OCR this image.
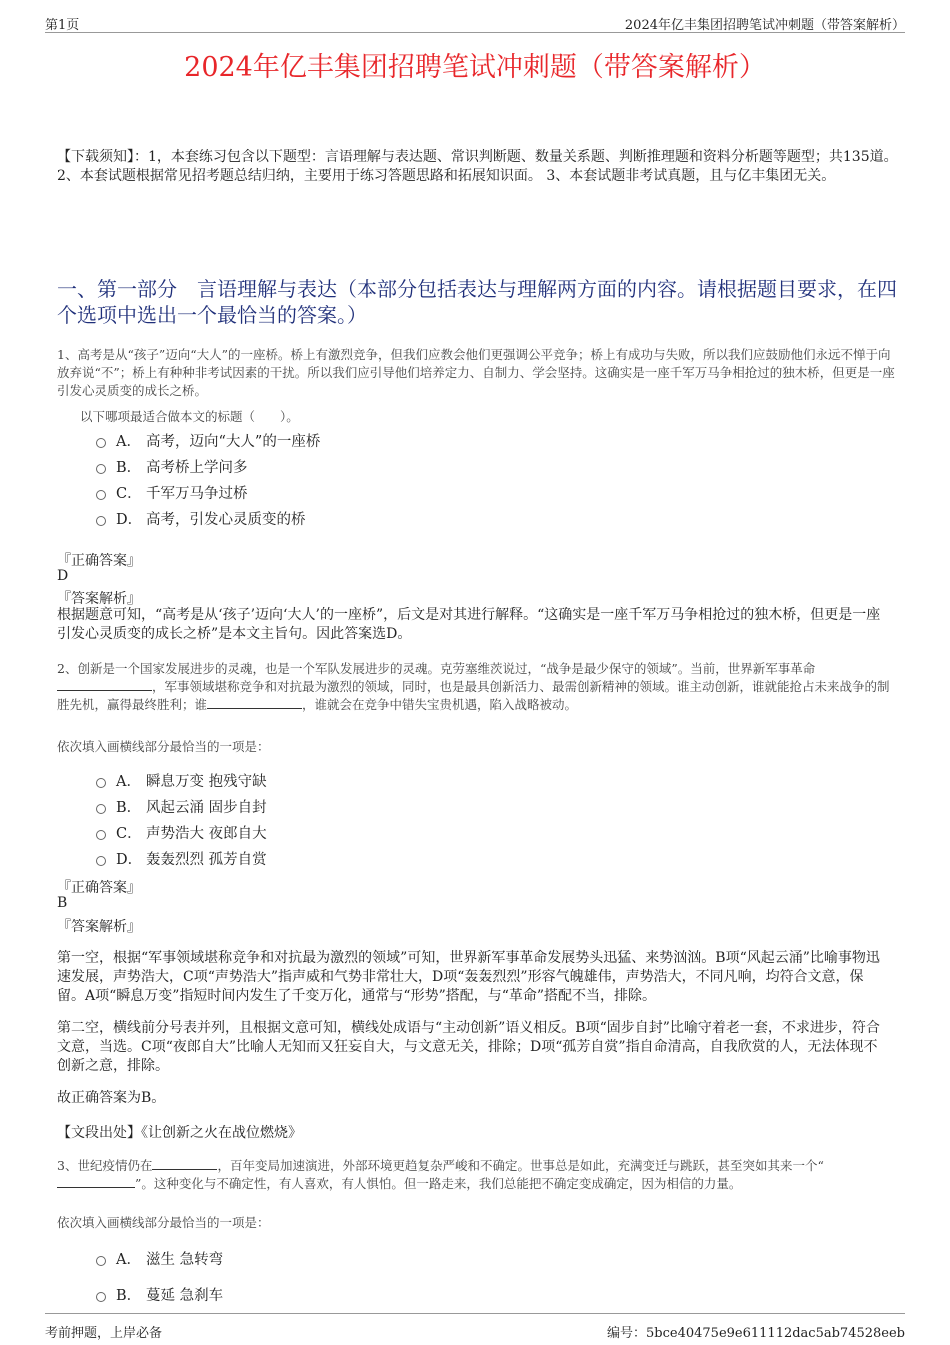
第1页	2024年亿丰集团招聘笔试冲刺题（带答案解析）
2024年亿丰集团招聘笔试冲刺题（带答案解析）
【下载须知】：1，本套练习包含以下题型：言语理解与表达题、常识判断题、数量关系题、判断推理题和资料分析题等题型；共135道。 2、本套试题根据常见招考题总结归纳，主要用于练习答题思路和拓展知识面。 3、本套试题非考试真题，且与亿丰集团无关。
一、第一部分　言语理解与表达（本部分包括表达与理解两方面的内容。请根据题目要求，在四个选项中选出一个最恰当的答案。）
1、高考是从“孩子”迈向“大人”的一座桥。桥上有激烈竞争，但我们应教会他们更强调公平竞争；桥上有成功与失败，所以我们应鼓励他们永远不惮于向放弃说“不”；桥上有种种非考试因素的干扰。所以我们应引导他们培养定力、自制力、学会坚持。这确实是一座千军万马争相抢过的独木桥，但更是一座引发心灵质变的成长之桥。
以下哪项最适合做本文的标题（　　）。
A． 高考，迈向“大人”的一座桥
B． 高考桥上学问多
C． 千军万马争过桥
D． 高考，引发心灵质变的桥
『正确答案』
D
『答案解析』
根据题意可知，“高考是从‘孩子’迈向‘大人’的一座桥”，后文是对其进行解释。“这确实是一座千军万马争相抢过的独木桥，但更是一座引发心灵质变的成长之桥”是本文主旨句。因此答案选D。
2、创新是一个国家发展进步的灵魂，也是一个军队发展进步的灵魂。克劳塞维茨说过，“战争是最少保守的领域”。当前，世界新军事革命
，军事领域堪称竞争和对抗最为激烈的领域，同时，也是最具创新活力、最需创新精神的领域。谁主动创新，谁就能抢占未来战争的制胜先机，赢得最终胜利；谁	，谁就会在竞争中错失宝贵机遇，陷入战略被动。
依次填入画横线部分最恰当的一项是：
A． 瞬息万变 抱残守缺
B． 风起云涌 固步自封
C． 声势浩大 夜郎自大
D． 轰轰烈烈 孤芳自赏
『正确答案』
B
『答案解析』
第一空，根据“军事领域堪称竞争和对抗最为激烈的领域”可知，世界新军事革命发展势头迅猛、来势汹汹。B项“风起云涌”比喻事物迅速发展，声势浩大，C项“声势浩大”指声威和气势非常壮大，D项“轰轰烈烈”形容气魄雄伟，声势浩大，不同凡响，均符合文意，保留。A项“瞬息万变”指短时间内发生了千变万化，通常与“形势”搭配，与“革命”搭配不当，排除。
第二空，横线前分号表并列，且根据文意可知，横线处成语与“主动创新”语义相反。B项“固步自封”比喻守着老一套，不求进步，符合文意，当选。C项“夜郎自大”比喻人无知而又狂妄自大，与文意无关，排除；D项“孤芳自赏”指自命清高，自我欣赏的人，无法体现不创新之意，排除。
故正确答案为B。
【文段出处】《让创新之火在战位燃烧》
3、世纪疫情仍在	，百年变局加速演进，外部环境更趋复杂严峻和不确定。世事总是如此，充满变迁与跳跃，甚至突如其来一个“
”。这种变化与不确定性，有人喜欢，有人惧怕。但一路走来，我们总能把不确定变成确定，因为相信的力量。
依次填入画横线部分最恰当的一项是：
A． 滋生 急转弯
B． 蔓延 急刹车
考前押题，上岸必备	编号：5bce40475e9e611112dac5ab74528eeb
